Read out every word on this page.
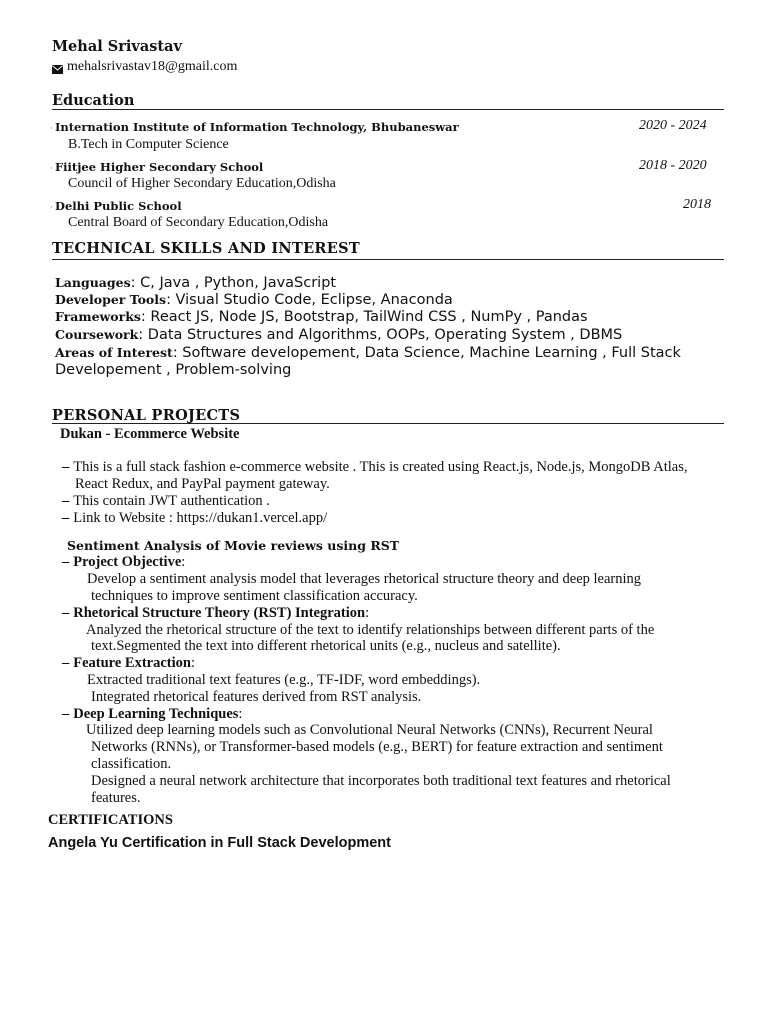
Mehal Srivastav
mehalsrivastav18@gmail.com
Education
· Internation Institute of Information Technology, Bhubaneswar	2020 - 2024
B.Tech in Computer Science
· Fiitjee Higher Secondary School	2018 - 2020
Council of Higher Secondary Education,Odisha
· Delhi Public School	2018
Central Board of Secondary Education,Odisha
TECHNICAL SKILLS AND INTEREST
Languages: C, Java , Python, JavaScript
Developer Tools: Visual Studio Code, Eclipse, Anaconda
Frameworks: React JS, Node JS, Bootstrap, TailWind CSS , NumPy , Pandas
Coursework: Data Structures and Algorithms, OOPs, Operating System , DBMS
Areas of Interest: Software developement, Data Science, Machine Learning , Full Stack
Developement , Problem-solving
PERSONAL PROJECTS
Dukan - Ecommerce Website
– This is a full stack fashion e-commerce website . This is created using React.js, Node.js, MongoDB Atlas,
React Redux, and PayPal payment gateway.
– This contain JWT authentication .
– Link to Website : https://dukan1.vercel.app/
Sentiment Analysis of Movie reviews using RST
– Project Objective:
Develop a sentiment analysis model that leverages rhetorical structure theory and deep learning
techniques to improve sentiment classification accuracy.
– Rhetorical Structure Theory (RST) Integration:
Analyzed the rhetorical structure of the text to identify relationships between different parts of the
text.Segmented the text into different rhetorical units (e.g., nucleus and satellite).
– Feature Extraction:
Extracted traditional text features (e.g., TF-IDF, word embeddings).
Integrated rhetorical features derived from RST analysis.
– Deep Learning Techniques:
Utilized deep learning models such as Convolutional Neural Networks (CNNs), Recurrent Neural
Networks (RNNs), or Transformer-based models (e.g., BERT) for feature extraction and sentiment
classification.
Designed a neural network architecture that incorporates both traditional text features and rhetorical
features.
CERTIFICATIONS
Angela Yu Certification in Full Stack Development
